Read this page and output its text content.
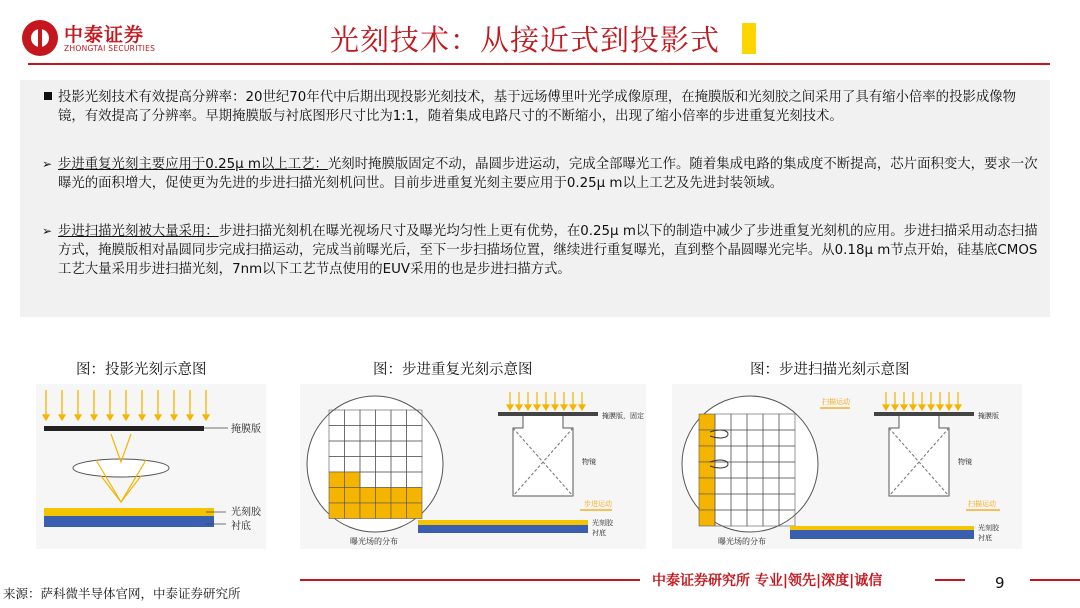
中泰证券
ZHONGTAI SECURITIES	光刻技术：从接近式到投影式
投影光刻技术有效提高分辨率：20世纪70年代中后期出现投影光刻技术，基于远场傅里叶光学成像原理，在掩膜版和光刻胶之间采用了具有缩小倍率的投影成像物镜，有效提高了分辨率。早期掩膜版与衬底图形尺寸比为1:1，随着集成电路尺寸的不断缩小，出现了缩小倍率的步进重复光刻技术。
➢ 步进重复光刻主要应用于0.25μ m以上工艺：光刻时掩膜版固定不动，晶圆步进运动，完成全部曝光工作。随着集成电路的集成度不断提高，芯片面积变大，要求一次曝光的面积增大，促使更为先进的步进扫描光刻机问世。目前步进重复光刻主要应用于0.25μ m以上工艺及先进封装领域。
➢ 步进扫描光刻被大量采用：步进扫描光刻机在曝光视场尺寸及曝光均匀性上更有优势，在0.25μ m以下的制造中减少了步进重复光刻机的应用。步进扫描采用动态扫描方式，掩膜版相对晶圆同步完成扫描运动，完成当前曝光后，至下一步扫描场位置，继续进行重复曝光，直到整个晶圆曝光完毕。从0.18μ m节点开始，硅基底CMOS工艺大量采用步进扫描光刻，7nm以下工艺节点使用的EUV采用的也是步进扫描方式。
图：投影光刻示意图	图：步进重复光刻示意图	图：步进扫描光刻示意图
掩膜版
光刻胶
衬底
曝光场的分布
掩膜版，固定
物镜
步进运动
光刻胶
衬底
曝光场的分布
扫描运动
掩膜版
物镜
扫描运动
光刻胶
衬底
中泰证券研究所 专业|领先|深度|诚信	9
来源：萨科微半导体官网，中泰证券研究所
